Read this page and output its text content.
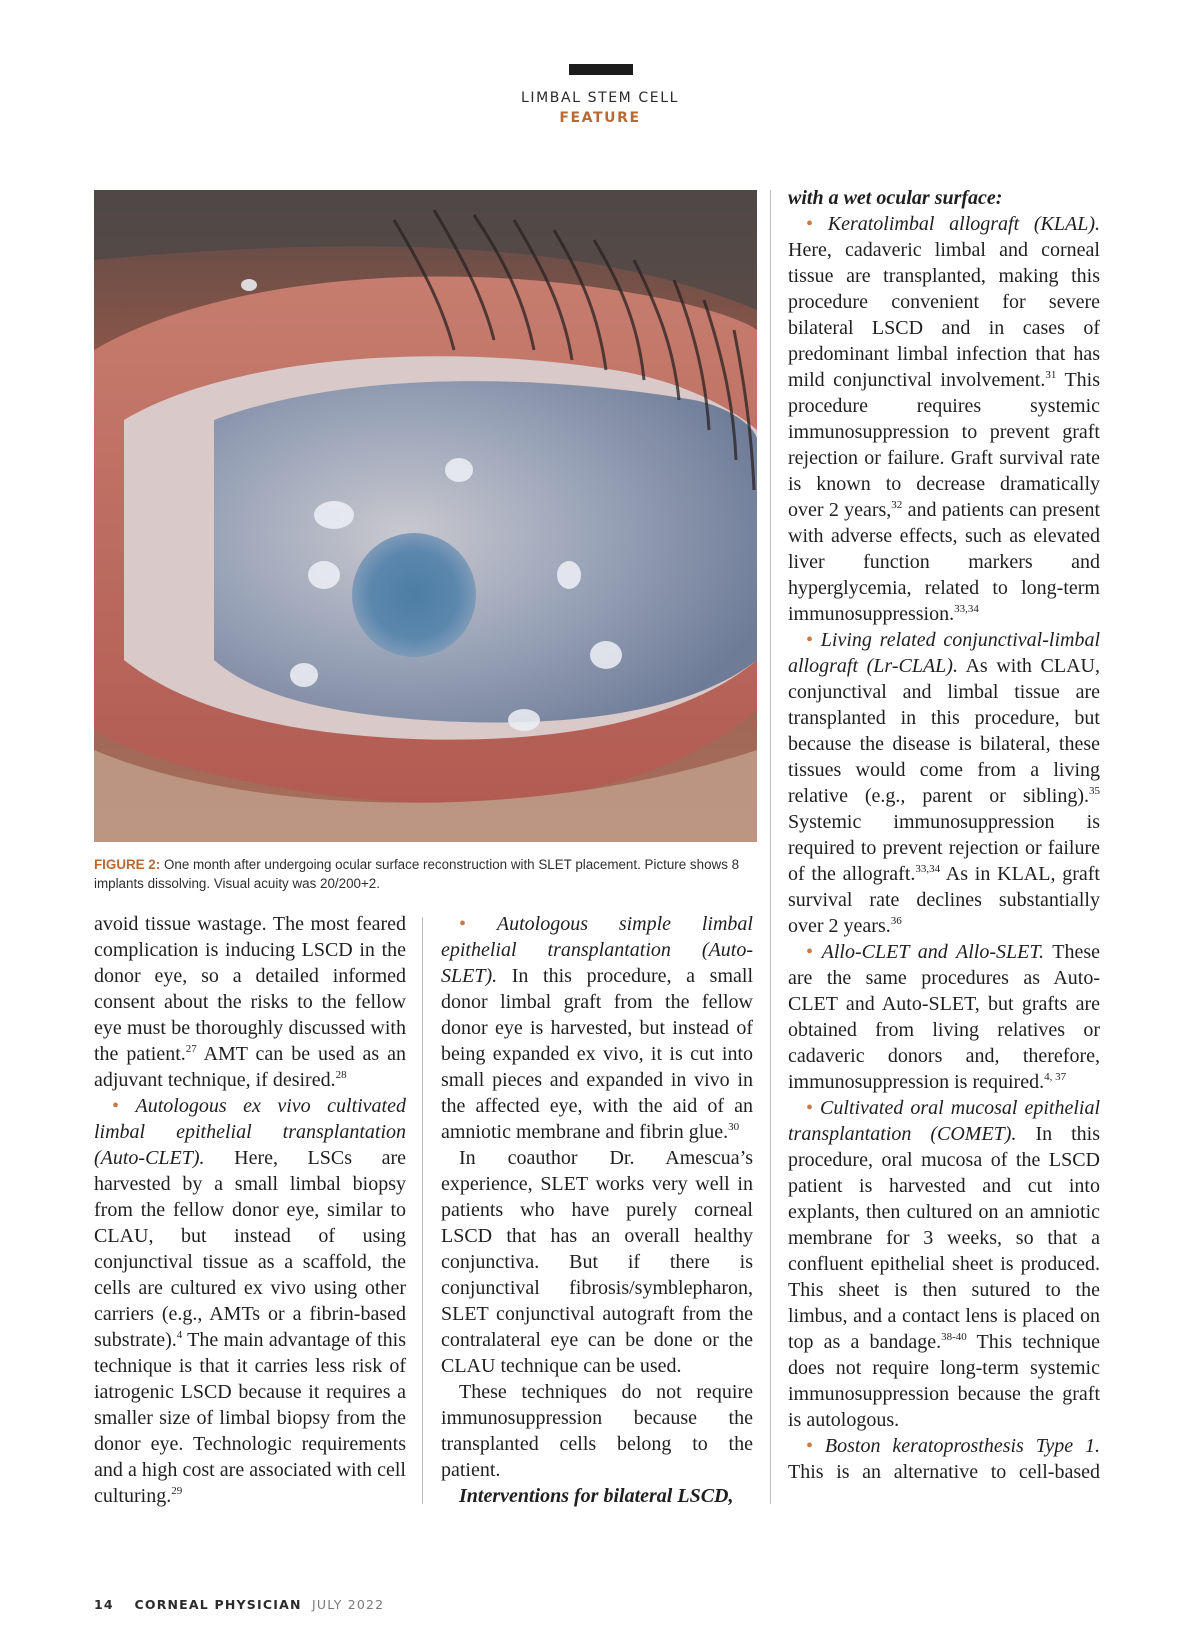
LIMBAL STEM CELL
FEATURE
FIGURE 2: One month after undergoing ocular surface reconstruction with SLET placement. Picture shows 8 implants dissolving. Visual acuity was 20/200+2.

avoid tissue wastage. The most feared complication is inducing LSCD in the donor eye, so a detailed informed consent about the risks to the fellow eye must be thoroughly discussed with the patient.$^{27}$ AMT can be used as an adjuvant technique, if desired.$^{28}$

• Autologous ex vivo cultivated limbal epithelial transplantation (Auto-CLET). Here, LSCs are harvested by a small limbal biopsy from the fellow donor eye, similar to CLAU, but instead of using conjunctival tissue as a scaffold, the cells are cultured ex vivo using other carriers (e.g., AMTs or a fibrin-based substrate).$^4$ The main advantage of this technique is that it carries less risk of iatrogenic LSCD because it requires a smaller size of limbal biopsy from the donor eye. Technologic requirements and a high cost are associated with cell culturing.$^{29}$

• Autologous simple limbal epithelial transplantation (Auto-SLET). In this procedure, a small donor limbal graft from the fellow donor eye is harvested, but instead of being expanded ex vivo, it is cut into small pieces and expanded in vivo in the affected eye, with the aid of an amniotic membrane and fibrin glue.$^{30}$

In coauthor Dr. Amescua’s experience, SLET works very well in patients who have purely corneal LSCD that has an overall healthy conjunctiva. But if there is conjunctival fibrosis/symblepharon, SLET conjunctival autograft from the contralateral eye can be done or the CLAU technique can be used.

These techniques do not require immunosuppression because the transplanted cells belong to the patient.

Interventions for bilateral LSCD,

with a wet ocular surface:

• Keratolimbal allograft (KLAL). Here, cadaveric limbal and corneal tissue are transplanted, making this procedure convenient for severe bilateral LSCD and in cases of predominant limbal infection that has mild conjunctival involvement.$^{31}$ This procedure requires systemic immunosuppression to prevent graft rejection or failure. Graft survival rate is known to decrease dramatically over 2 years,$^{32}$ and patients can present with adverse effects, such as elevated liver function markers and hyperglycemia, related to long-term immunosuppression.$^{33,34}$

• Living related conjunctival-limbal allograft (Lr-CLAL). As with CLAU, conjunctival and limbal tissue are transplanted in this procedure, but because the disease is bilateral, these tissues would come from a living relative (e.g., parent or sibling).$^{35}$ Systemic immunosuppression is required to prevent rejection or failure of the allograft.$^{33,34}$ As in KLAL, graft survival rate declines substantially over 2 years.$^{36}$

• Allo-CLET and Allo-SLET. These are the same procedures as Auto-CLET and Auto-SLET, but grafts are obtained from living relatives or cadaveric donors and, therefore, immunosuppression is required.$^{4, 37}$

• Cultivated oral mucosal epithelial transplantation (COMET). In this procedure, oral mucosa of the LSCD patient is harvested and cut into explants, then cultured on an amniotic membrane for 3 weeks, so that a confluent epithelial sheet is produced. This sheet is then sutured to the limbus, and a contact lens is placed on top as a bandage.$^{38-40}$ This technique does not require long-term systemic immunosuppression because the graft is autologous.

• Boston keratoprosthesis Type 1. This is an alternative to cell-based

14 CORNEAL PHYSICIAN JULY 2022
